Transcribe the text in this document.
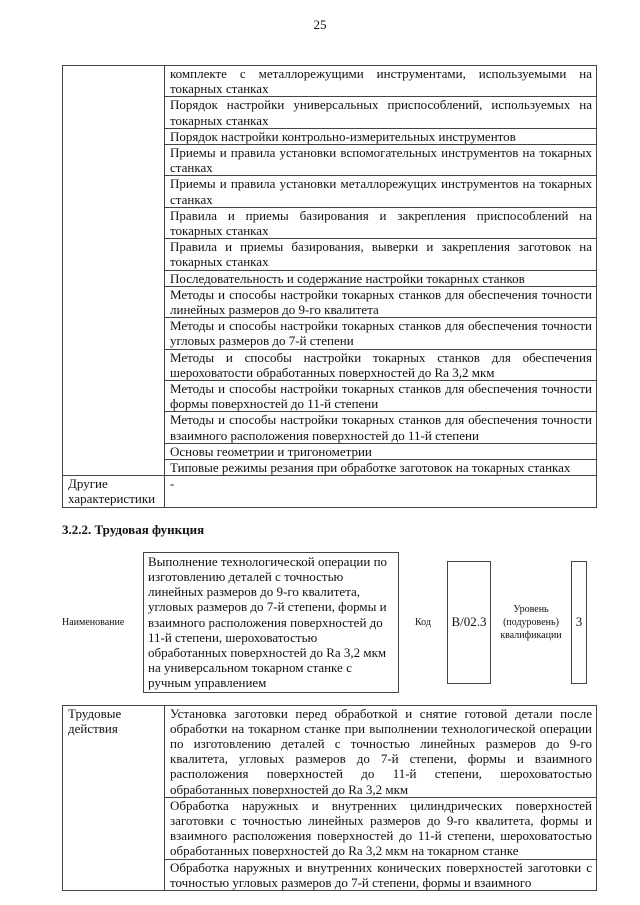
25
	комплекте с металлорежущими инструментами, используемыми на токарных станках
	Порядок настройки универсальных приспособлений, используемых на токарных станках
	Порядок настройки контрольно-измерительных инструментов
	Приемы и правила установки вспомогательных инструментов на токарных станках
	Приемы и правила установки металлорежущих инструментов на токарных станках
	Правила и приемы базирования и закрепления приспособлений на токарных станках
	Правила и приемы базирования, выверки и закрепления заготовок на токарных станках
	Последовательность и содержание настройки токарных станков
	Методы и способы настройки токарных станков для обеспечения точности линейных размеров до 9-го квалитета
	Методы и способы настройки токарных станков для обеспечения точности угловых размеров до 7-й степени
	Методы и способы настройки токарных станков для обеспечения шероховатости обработанных поверхностей до Ra 3,2 мкм
	Методы и способы настройки токарных станков для обеспечения точности формы поверхностей до 11-й степени
	Методы и способы настройки токарных станков для обеспечения точности взаимного расположения поверхностей до 11-й степени
	Основы геометрии и тригонометрии
	Типовые режимы резания при обработке заготовок на токарных станках
Другие характеристики	-
3.2.2. Трудовая функция
Наименование
Выполнение технологической операции по изготовлению деталей с точностью линейных размеров до 9-го квалитета, угловых размеров до 7-й степени, формы и взаимного расположения поверхностей до 11-й степени, шероховатостью обработанных поверхностей до Ra 3,2 мкм на универсальном токарном станке с ручным управлением
Код	B/02.3
Уровень (подуровень) квалификации
3
Трудовые действия	Установка заготовки перед обработкой и снятие готовой детали после обработки на токарном станке при выполнении технологической операции по изготовлению деталей с точностью линейных размеров до 9-го квалитета, угловых размеров до 7-й степени, формы и взаимного расположения поверхностей до 11-й степени, шероховатостью обработанных поверхностей до Ra 3,2 мкм
Обработка наружных и внутренних цилиндрических поверхностей заготовки с точностью линейных размеров до 9-го квалитета, формы и взаимного расположения поверхностей до 11-й степени, шероховатостью обработанных поверхностей до Ra 3,2 мкм на токарном станке
Обработка наружных и внутренних конических поверхностей заготовки с точностью угловых размеров до 7-й степени, формы и взаимного
